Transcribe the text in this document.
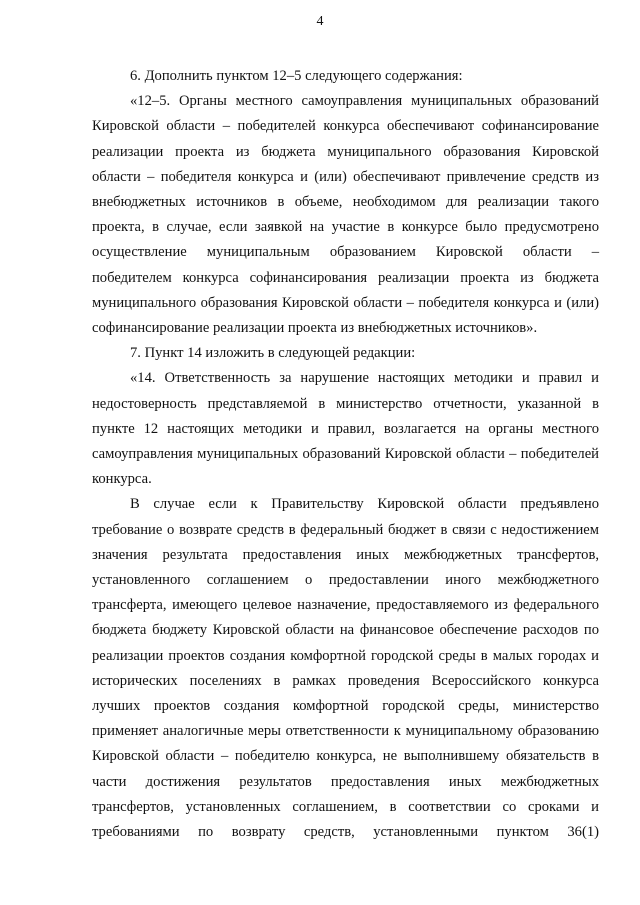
4

6. Дополнить пунктом 12–5 следующего содержания:

«12–5. Органы местного самоуправления муниципальных образований Кировской области – победителей конкурса обеспечивают софинансирование реализации проекта из бюджета муниципального образования Кировской области – победителя конкурса и (или) обеспечивают привлечение средств из внебюджетных источников в объеме, необходимом для реализации такого проекта, в случае, если заявкой на участие в конкурсе было предусмотрено осуществление муниципальным образованием Кировской области – победителем конкурса софинансирования реализации проекта из бюджета муниципального образования Кировской области – победителя конкурса и (или) софинансирование реализации проекта из внебюджетных источников».

7. Пункт 14 изложить в следующей редакции:

«14. Ответственность за нарушение настоящих методики и правил и недостоверность представляемой в министерство отчетности, указанной в пункте 12 настоящих методики и правил, возлагается на органы местного самоуправления муниципальных образований Кировской области – победителей конкурса.

В случае если к Правительству Кировской области предъявлено требование о возврате средств в федеральный бюджет в связи с недостижением значения результата предоставления иных межбюджетных трансфертов, установленного соглашением о предоставлении иного межбюджетного трансферта, имеющего целевое назначение, предоставляемого из федерального бюджета бюджету Кировской области на финансовое обеспечение расходов по реализации проектов создания комфортной городской среды в малых городах и исторических поселениях в рамках проведения Всероссийского конкурса лучших проектов создания комфортной городской среды, министерство применяет аналогичные меры ответственности к муниципальному образованию Кировской области – победителю конкурса, не выполнившему обязательств в части достижения результатов предоставления иных межбюджетных трансфертов, установленных соглашением, в соответствии со сроками и требованиями по возврату средств, установленными пунктом 36(1)
